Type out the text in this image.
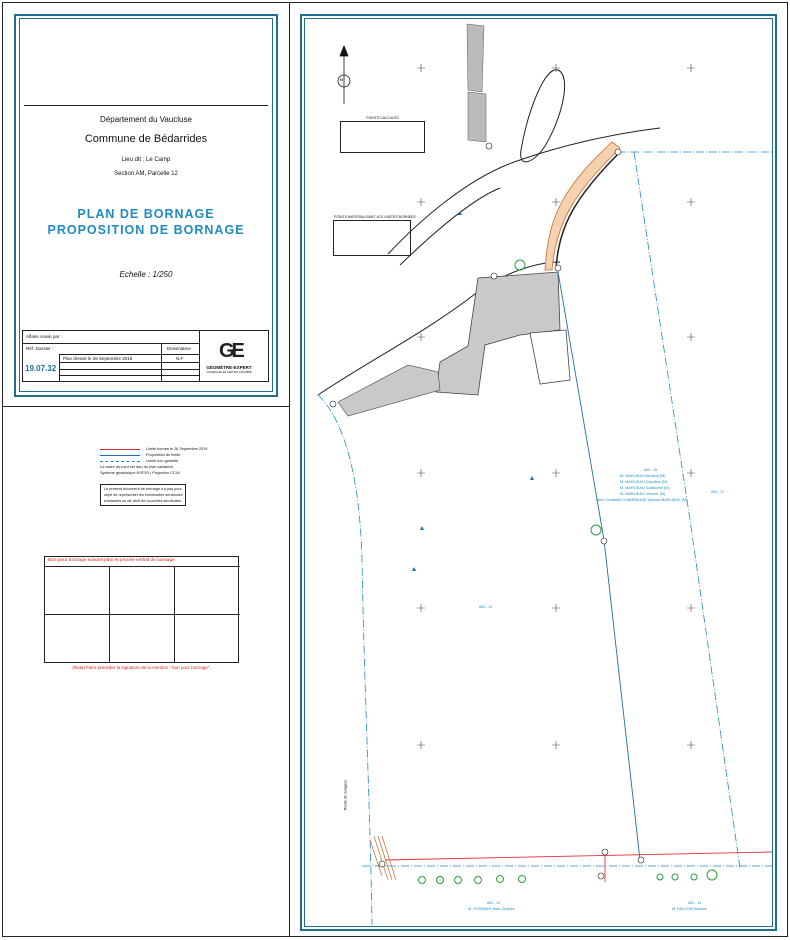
Département du Vaucluse
Commune de Bédarrides
Lieu dit : Le Camp
Section AM, Parcelle 12
PLAN DE BORNAGE
PROPOSITION DE BORNAGE
Echelle : 1/250
Affaire suivie par :
Réf. Dossier :	Dessinateur
Plan dressé le 26 Septembre 2019	N.F
19.07.32
GE
GÉOMÈTRE-EXPERT
CONSEILLER EN GESTION FONCIÈRE
Limite bornée le 26 Septembre 2019
Proposition de limite
Limite non garantie
Le cadre du nord est issu du plan cadastral,
Système géodésique RGF93 • Projection CC44
Le présent document de bornage n'a pas pour
objet de représenter les éventuelles servitudes
existantes ou de droit de nouvelles servitudes.
Bon pour bornage suivant plan et procès-verbal de bornage
(Nota) Faire précéder la signature de la mention " bon pour bornage".
POINTS CALCULÉS
POINTS MATERIALISANT LES LIMITES BORNÉES
N
AM - 12
AM - 17
AM - 15
M. MARLIEAU Armand (M)
M. MARLIEAU Claudine (M)
M. MARLIEAU Guillaume (M)
M. MARLIEAU Jérome (M)
Mme Christelle CHAMPAGNE épouse MARLIEAU (M)
AM - 13
M. GERMAIN Jean-Charles
AM - 14
M. FALCON Maurice
Route de Sorgues
